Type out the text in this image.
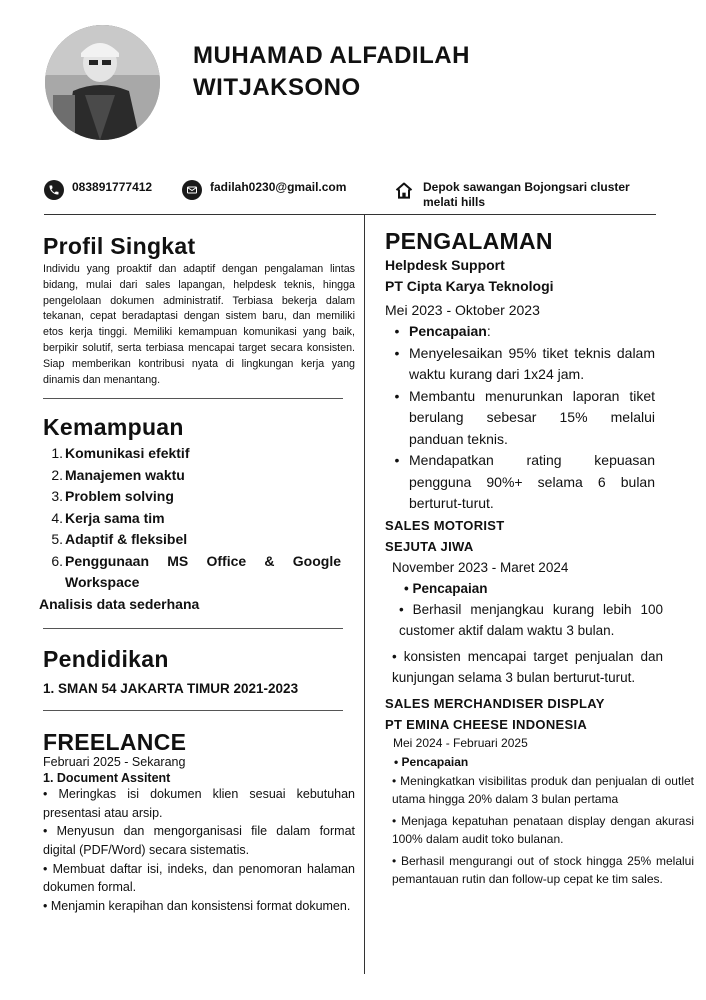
MUHAMAD ALFADILAH
WITJAKSONO
083891777412	fadilah0230@gmail.com	Depok sawangan Bojongsari cluster melati hills
Profil Singkat

Individu yang proaktif dan adaptif dengan pengalaman lintas bidang, mulai dari sales lapangan, helpdesk teknis, hingga pengelolaan dokumen administratif. Terbiasa bekerja dalam tekanan, cepat beradaptasi dengan sistem baru, dan memiliki etos kerja tinggi. Memiliki kemampuan komunikasi yang baik, berpikir solutif, serta terbiasa mencapai target secara konsisten. Siap memberikan kontribusi nyata di lingkungan kerja yang dinamis dan menantang.

Kemampuan
1. Komunikasi efektif
2. Manajemen waktu
3. Problem solving
4. Kerja sama tim
5. Adaptif & fleksibel
6. Penggunaan MS Office & Google Workspace
Analisis data sederhana
Pendidikan
1. SMAN 54 JAKARTA TIMUR 2021-2023
FREELANCE
Februari 2025 - Sekarang
1. Document Assitent
• Meringkas isi dokumen klien sesuai kebutuhan presentasi atau arsip.
• Menyusun dan mengorganisasi file dalam format digital (PDF/Word) secara sistematis.
• Membuat daftar isi, indeks, dan penomoran halaman dokumen formal.
• Menjamin kerapihan dan konsistensi format dokumen.
PENGALAMAN
Helpdesk Support
PT Cipta Karya Teknologi
Mei 2023 - Oktober 2023
• Pencapaian:
• Menyelesaikan 95% tiket teknis dalam waktu kurang dari 1x24 jam.
• Membantu menurunkan laporan tiket berulang sebesar 15% melalui panduan teknis.
• Mendapatkan rating kepuasan pengguna 90%+ selama 6 bulan berturut-turut.
SALES MOTORIST
SEJUTA JIWA
November 2023 - Maret 2024
• Pencapaian
• Berhasil menjangkau kurang lebih 100 customer aktif dalam waktu 3 bulan.
• konsisten mencapai target penjualan dan kunjungan selama 3 bulan berturut-turut.
SALES MERCHANDISER DISPLAY
PT EMINA CHEESE INDONESIA
Mei 2024 - Februari 2025
• Pencapaian
• Meningkatkan visibilitas produk dan penjualan di outlet utama hingga 20% dalam 3 bulan pertama
• Menjaga kepatuhan penataan display dengan akurasi 100% dalam audit toko bulanan.
• Berhasil mengurangi out of stock hingga 25% melalui pemantauan rutin dan follow-up cepat ke tim sales.
